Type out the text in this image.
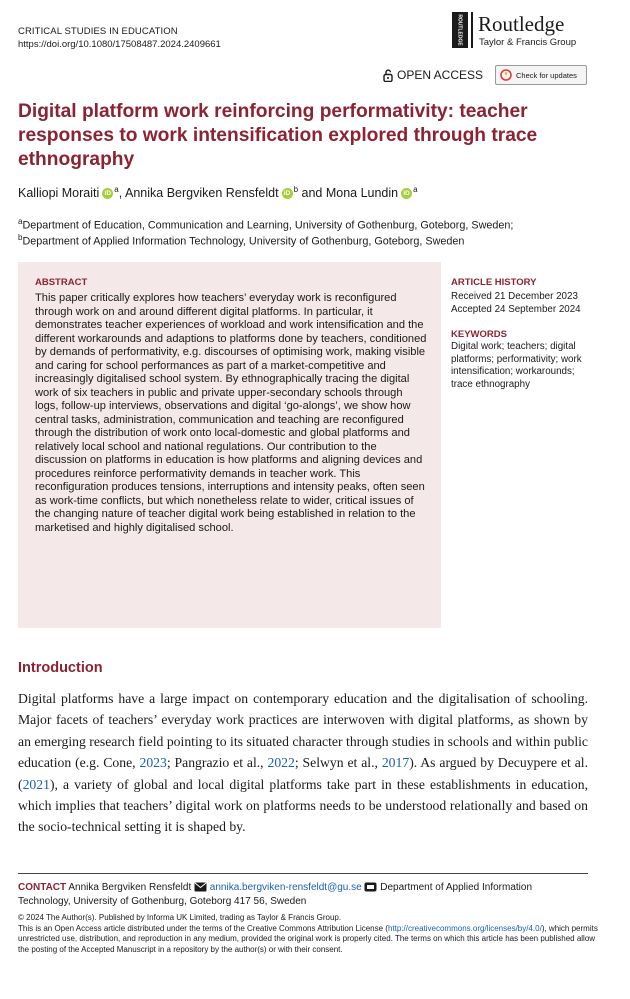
CRITICAL STUDIES IN EDUCATION
https://doi.org/10.1080/17508487.2024.2409661	ROUTLEDGE Routledge
Taylor & Francis Group
OPEN ACCESS	Check for updates
Digital platform work reinforcing performativity: teacher responses to work intensification explored through trace ethnography
Kalliopi Moraiti iD $^a$, Annika Bergviken Rensfeldt iD $^b$ and Mona Lundin iD $^a$
$^a$Department of Education, Communication and Learning, University of Gothenburg, Goteborg, Sweden;
$^b$Department of Applied Information Technology, University of Gothenburg, Goteborg, Sweden
ABSTRACT
This paper critically explores how teachers’ everyday work is reconfigured through work on and around different digital platforms. In particular, it demonstrates teacher experiences of workload and work intensification and the different workarounds and adaptions to platforms done by teachers, conditioned by demands of performativity, e.g. discourses of optimising work, making visible and caring for school performances as part of a market-competitive and increasingly digitalised school system. By ethnographically tracing the digital work of six teachers in public and private upper-secondary schools through logs, follow-up interviews, observations and digital ‘go-alongs’, we show how central tasks, administration, communication and teaching are reconfigured through the distribution of work onto local-domestic and global platforms and relatively local school and national regulations. Our contribution to the discussion on platforms in education is how platforms and aligning devices and procedures reinforce performativity demands in teacher work. This reconfiguration produces tensions, interruptions and intensity peaks, often seen as work-time conflicts, but which nonetheless relate to wider, critical issues of the changing nature of teacher digital work being established in relation to the marketised and highly digitalised school.
ARTICLE HISTORY
Received 21 December 2023
Accepted 24 September 2024
KEYWORDS
Digital work; teachers; digital platforms; performativity; work intensification; workarounds; trace ethnography
Introduction
Digital platforms have a large impact on contemporary education and the digitalisation of schooling. Major facets of teachers’ everyday work practices are interwoven with digital platforms, as shown by an emerging research field pointing to its situated character through studies in schools and within public education (e.g. Cone, 2023; Pangrazio et al., 2022; Selwyn et al., 2017). As argued by Decuypere et al. (2021), a variety of global and local digital platforms take part in these establishments in education, which implies that teachers’ digital work on platforms needs to be understood relationally and based on the socio-technical setting it is shaped by.
CONTACT Annika Bergviken Rensfeldt annika.bergviken-rensfeldt@gu.se Department of Applied Information
Technology, University of Gothenburg, Goteborg 417 56, Sweden
© 2024 The Author(s). Published by Informa UK Limited, trading as Taylor & Francis Group.
This is an Open Access article distributed under the terms of the Creative Commons Attribution License (http://creativecommons.org/licenses/by/4.0/), which permits unrestricted use, distribution, and reproduction in any medium, provided the original work is properly cited. The terms on which this article has been published allow the posting of the Accepted Manuscript in a repository by the author(s) or with their consent.
